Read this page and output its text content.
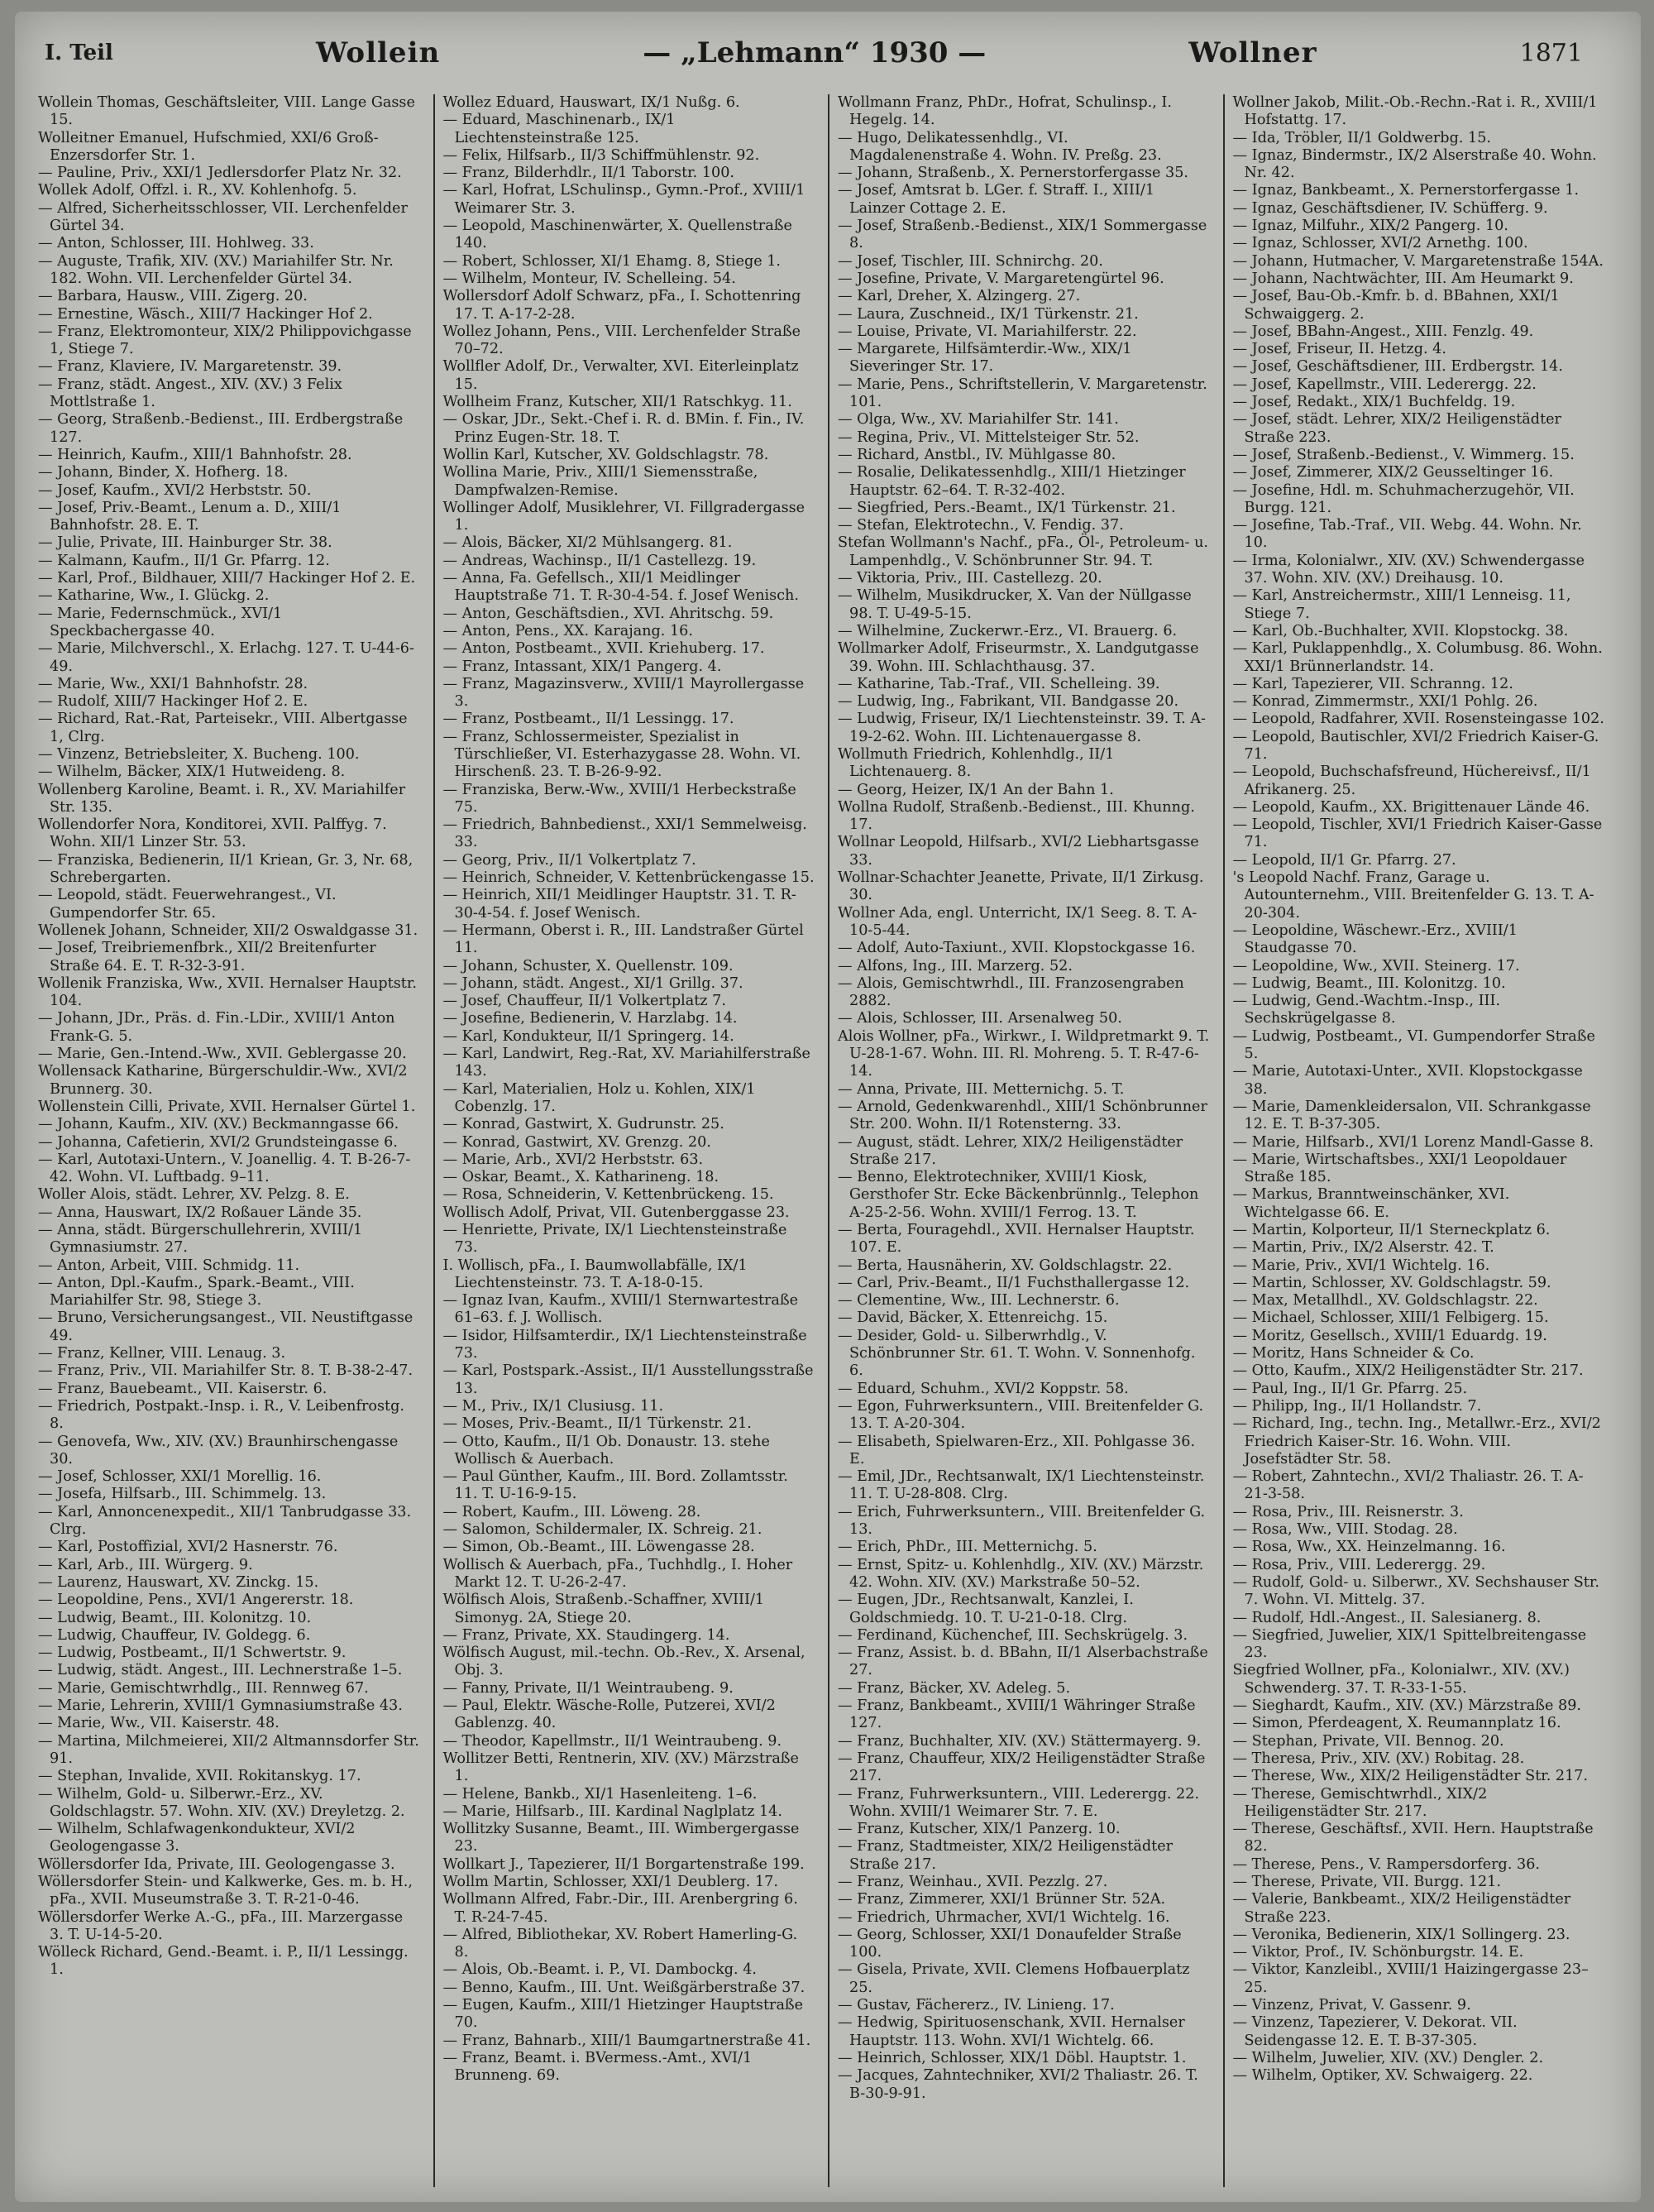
I. Teil	Wollein	— „Lehmann“ 1930 —	Wollner	1871

Wollein Thomas, Geschäftsleiter, VIII. Lange Gasse 15.

Wolleitner Emanuel, Hufschmied, XXI/6 Groß-Enzersdorfer Str. 1.

— Pauline, Priv., XXI/1 Jedlersdorfer Platz Nr. 32.

Wollek Adolf, Offzl. i. R., XV. Kohlenhofg. 5.

— Alfred, Sicherheitsschlosser, VII. Lerchenfelder Gürtel 34.

— Anton, Schlosser, III. Hohlweg. 33.

— Auguste, Trafik, XIV. (XV.) Mariahilfer Str. Nr. 182. Wohn. VII. Lerchenfelder Gürtel 34.

— Barbara, Hausw., VIII. Zigerg. 20.

— Ernestine, Wäsch., XIII/7 Hackinger Hof 2.

— Franz, Elektromonteur, XIX/2 Philippovichgasse 1, Stiege 7.

— Franz, Klaviere, IV. Margaretenstr. 39.

— Franz, städt. Angest., XIV. (XV.) 3 Felix Mottlstraße 1.

— Georg, Straßenb.-Bedienst., III. Erdbergstraße 127.

— Heinrich, Kaufm., XIII/1 Bahnhofstr. 28.

— Johann, Binder, X. Hofherg. 18.

— Josef, Kaufm., XVI/2 Herbststr. 50.

— Josef, Priv.-Beamt., Lenum a. D., XIII/1 Bahnhofstr. 28. E. T.

— Julie, Private, III. Hainburger Str. 38.

— Kalmann, Kaufm., II/1 Gr. Pfarrg. 12.

— Karl, Prof., Bildhauer, XIII/7 Hackinger Hof 2. E.

— Katharine, Ww., I. Glückg. 2.

— Marie, Federnschmück., XVI/1 Speckbachergasse 40.

— Marie, Milchverschl., X. Erlachg. 127. T. U-44-6-49.

— Marie, Ww., XXI/1 Bahnhofstr. 28.

— Rudolf, XIII/7 Hackinger Hof 2. E.

— Richard, Rat.-Rat, Parteisekr., VIII. Albertgasse 1, Clrg.

— Vinzenz, Betriebsleiter, X. Bucheng. 100.

— Wilhelm, Bäcker, XIX/1 Hutweideng. 8.

Wollenberg Karoline, Beamt. i. R., XV. Mariahilfer Str. 135.

Wollendorfer Nora, Konditorei, XVII. Palffyg. 7. Wohn. XII/1 Linzer Str. 53.

— Franziska, Bedienerin, II/1 Kriean, Gr. 3, Nr. 68, Schrebergarten.

— Leopold, städt. Feuerwehrangest., VI. Gumpendorfer Str. 65.

Wollenek Johann, Schneider, XII/2 Oswaldgasse 31.

— Josef, Treibriemenfbrk., XII/2 Breitenfurter Straße 64. E. T. R-32-3-91.

Wollenik Franziska, Ww., XVII. Hernalser Hauptstr. 104.

— Johann, JDr., Präs. d. Fin.-LDir., XVIII/1 Anton Frank-G. 5.

— Marie, Gen.-Intend.-Ww., XVII. Geblergasse 20.

Wollensack Katharine, Bürgerschuldir.-Ww., XVI/2 Brunnerg. 30.

Wollenstein Cilli, Private, XVII. Hernalser Gürtel 1.

— Johann, Kaufm., XIV. (XV.) Beckmanngasse 66.

— Johanna, Cafetierin, XVI/2 Grundsteingasse 6.

— Karl, Autotaxi-Untern., V. Joanellig. 4. T. B-26-7-42. Wohn. VI. Luftbadg. 9–11.

Woller Alois, städt. Lehrer, XV. Pelzg. 8. E.

— Anna, Hauswart, IX/2 Roßauer Lände 35.

— Anna, städt. Bürgerschullehrerin, XVIII/1 Gymnasiumstr. 27.

— Anton, Arbeit, VIII. Schmidg. 11.

— Anton, Dpl.-Kaufm., Spark.-Beamt., VIII. Mariahilfer Str. 98, Stiege 3.

— Bruno, Versicherungsangest., VII. Neustiftgasse 49.

— Franz, Kellner, VIII. Lenaug. 3.

— Franz, Priv., VII. Mariahilfer Str. 8. T. B-38-2-47.

— Franz, Bauebeamt., VII. Kaiserstr. 6.

— Friedrich, Postpakt.-Insp. i. R., V. Leibenfrostg. 8.

— Genovefa, Ww., XIV. (XV.) Braunhirschengasse 30.

— Josef, Schlosser, XXI/1 Morellig. 16.

— Josefa, Hilfsarb., III. Schimmelg. 13.

— Karl, Annoncenexpedit., XII/1 Tanbrudgasse 33. Clrg.

— Karl, Postoffizial, XVI/2 Hasnerstr. 76.

— Karl, Arb., III. Würgerg. 9.

— Laurenz, Hauswart, XV. Zinckg. 15.

— Leopoldine, Pens., XVI/1 Angererstr. 18.

— Ludwig, Beamt., III. Kolonitzg. 10.

— Ludwig, Chauffeur, IV. Goldegg. 6.

— Ludwig, Postbeamt., II/1 Schwertstr. 9.

— Ludwig, städt. Angest., III. Lechnerstraße 1–5.

— Marie, Gemischtwrhdlg., III. Rennweg 67.

— Marie, Lehrerin, XVIII/1 Gymnasiumstraße 43.

— Marie, Ww., VII. Kaiserstr. 48.

— Martina, Milchmeierei, XII/2 Altmannsdorfer Str. 91.

— Stephan, Invalide, XVII. Rokitanskyg. 17.

— Wilhelm, Gold- u. Silberwr.-Erz., XV. Goldschlagstr. 57. Wohn. XIV. (XV.) Dreyletzg. 2.

— Wilhelm, Schlafwagenkondukteur, XVI/2 Geologengasse 3.

Wöllersdorfer Ida, Private, III. Geologengasse 3.

Wöllersdorfer Stein- und Kalkwerke, Ges. m. b. H., pFa., XVII. Museumstraße 3. T. R-21-0-46.

Wöllersdorfer Werke A.-G., pFa., III. Marzergasse 3. T. U-14-5-20.

Wölleck Richard, Gend.-Beamt. i. P., II/1 Lessingg. 1.

Wollez Eduard, Hauswart, IX/1 Nußg. 6.

— Eduard, Maschinenarb., IX/1 Liechtensteinstraße 125.

— Felix, Hilfsarb., II/3 Schiffmühlenstr. 92.

— Franz, Bilderhdlr., II/1 Taborstr. 100.

— Karl, Hofrat, LSchulinsp., Gymn.-Prof., XVIII/1 Weimarer Str. 3.

— Leopold, Maschinenwärter, X. Quellenstraße 140.

— Robert, Schlosser, XI/1 Ehamg. 8, Stiege 1.

— Wilhelm, Monteur, IV. Schelleing. 54.

Wollersdorf Adolf Schwarz, pFa., I. Schottenring 17. T. A-17-2-28.

Wollez Johann, Pens., VIII. Lerchenfelder Straße 70–72.

Wollfler Adolf, Dr., Verwalter, XVI. Eiterleinplatz 15.

Wollheim Franz, Kutscher, XII/1 Ratschkyg. 11.

— Oskar, JDr., Sekt.-Chef i. R. d. BMin. f. Fin., IV. Prinz Eugen-Str. 18. T.

Wollin Karl, Kutscher, XV. Goldschlagstr. 78.

Wollina Marie, Priv., XIII/1 Siemensstraße, Dampfwalzen-Remise.

Wollinger Adolf, Musiklehrer, VI. Fillgradergasse 1.

— Alois, Bäcker, XI/2 Mühlsangerg. 81.

— Andreas, Wachinsp., II/1 Castellezg. 19.

— Anna, Fa. Gefellsch., XII/1 Meidlinger Hauptstraße 71. T. R-30-4-54. f. Josef Wenisch.

— Anton, Geschäftsdien., XVI. Ahritschg. 59.

— Anton, Pens., XX. Karajang. 16.

— Anton, Postbeamt., XVII. Kriehuberg. 17.

— Franz, Intassant, XIX/1 Pangerg. 4.

— Franz, Magazinsverw., XVIII/1 Mayrollergasse 3.

— Franz, Postbeamt., II/1 Lessingg. 17.

— Franz, Schlossermeister, Spezialist in Türschließer, VI. Esterhazygasse 28. Wohn. VI. Hirschenß. 23. T. B-26-9-92.

— Franziska, Berw.-Ww., XVIII/1 Herbeckstraße 75.

— Friedrich, Bahnbedienst., XXI/1 Semmelweisg. 33.

— Georg, Priv., II/1 Volkertplatz 7.

— Heinrich, Schneider, V. Kettenbrückengasse 15.

— Heinrich, XII/1 Meidlinger Hauptstr. 31. T. R-30-4-54. f. Josef Wenisch.

— Hermann, Oberst i. R., III. Landstraßer Gürtel 11.

— Johann, Schuster, X. Quellenstr. 109.

— Johann, städt. Angest., XI/1 Grillg. 37.

— Josef, Chauffeur, II/1 Volkertplatz 7.

— Josefine, Bedienerin, V. Harzlabg. 14.

— Karl, Kondukteur, II/1 Springerg. 14.

— Karl, Landwirt, Reg.-Rat, XV. Mariahilferstraße 143.

— Karl, Materialien, Holz u. Kohlen, XIX/1 Cobenzlg. 17.

— Konrad, Gastwirt, X. Gudrunstr. 25.

— Konrad, Gastwirt, XV. Grenzg. 20.

— Marie, Arb., XVI/2 Herbststr. 63.

— Oskar, Beamt., X. Katharineng. 18.

— Rosa, Schneiderin, V. Kettenbrückeng. 15.

Wollisch Adolf, Privat, VII. Gutenberggasse 23.

— Henriette, Private, IX/1 Liechtensteinstraße 73.

I. Wollisch, pFa., I. Baumwollabfälle, IX/1 Liechtensteinstr. 73. T. A-18-0-15.

— Ignaz Ivan, Kaufm., XVIII/1 Sternwartestraße 61–63. f. J. Wollisch.

— Isidor, Hilfsamterdir., IX/1 Liechtensteinstraße 73.

— Karl, Postspark.-Assist., II/1 Ausstellungsstraße 13.

— M., Priv., IX/1 Clusiusg. 11.

— Moses, Priv.-Beamt., II/1 Türkenstr. 21.

— Otto, Kaufm., II/1 Ob. Donaustr. 13. stehe Wollisch & Auerbach.

— Paul Günther, Kaufm., III. Bord. Zollamtsstr. 11. T. U-16-9-15.

— Robert, Kaufm., III. Löweng. 28.

— Salomon, Schildermaler, IX. Schreig. 21.

— Simon, Ob.-Beamt., III. Löwengasse 28.

Wollisch & Auerbach, pFa., Tuchhdlg., I. Hoher Markt 12. T. U-26-2-47.

Wölfisch Alois, Straßenb.-Schaffner, XVIII/1 Simonyg. 2A, Stiege 20.

— Franz, Private, XX. Staudingerg. 14.

Wölfisch August, mil.-techn. Ob.-Rev., X. Arsenal, Obj. 3.

— Fanny, Private, II/1 Weintraubeng. 9.

— Paul, Elektr. Wäsche-Rolle, Putzerei, XVI/2 Gablenzg. 40.

— Theodor, Kapellmstr., II/1 Weintraubeng. 9.

Wollitzer Betti, Rentnerin, XIV. (XV.) Märzstraße 1.

— Helene, Bankb., XI/1 Hasenleiteng. 1–6.

— Marie, Hilfsarb., III. Kardinal Naglplatz 14.

Wollitzky Susanne, Beamt., III. Wimbergergasse 23.

Wollkart J., Tapezierer, II/1 Borgartenstraße 199.

Wollm Martin, Schlosser, XXI/1 Deublerg. 17.

Wollmann Alfred, Fabr.-Dir., III. Arenbergring 6. T. R-24-7-45.

— Alfred, Bibliothekar, XV. Robert Hamerling-G. 8.

— Alois, Ob.-Beamt. i. P., VI. Dambockg. 4.

— Benno, Kaufm., III. Unt. Weißgärberstraße 37.

— Eugen, Kaufm., XIII/1 Hietzinger Hauptstraße 70.

— Franz, Bahnarb., XIII/1 Baumgartnerstraße 41.

— Franz, Beamt. i. BVermess.-Amt., XVI/1 Brunneng. 69.

Wollmann Franz, PhDr., Hofrat, Schulinsp., I. Hegelg. 14.

— Hugo, Delikatessenhdlg., VI. Magdalenenstraße 4. Wohn. IV. Preßg. 23.

— Johann, Straßenb., X. Pernerstorfergasse 35.

— Josef, Amtsrat b. LGer. f. Straff. I., XIII/1 Lainzer Cottage 2. E.

— Josef, Straßenb.-Bedienst., XIX/1 Sommergasse 8.

— Josef, Tischler, III. Schnirchg. 20.

— Josefine, Private, V. Margaretengürtel 96.

— Karl, Dreher, X. Alzingerg. 27.

— Laura, Zuschneid., IX/1 Türkenstr. 21.

— Louise, Private, VI. Mariahilferstr. 22.

— Margarete, Hilfsämterdir.-Ww., XIX/1 Sieveringer Str. 17.

— Marie, Pens., Schriftstellerin, V. Margaretenstr. 101.

— Olga, Ww., XV. Mariahilfer Str. 141.

— Regina, Priv., VI. Mittelsteiger Str. 52.

— Richard, Anstbl., IV. Mühlgasse 80.

— Rosalie, Delikatessenhdlg., XIII/1 Hietzinger Hauptstr. 62–64. T. R-32-402.

— Siegfried, Pers.-Beamt., IX/1 Türkenstr. 21.

— Stefan, Elektrotechn., V. Fendig. 37.

Stefan Wollmann's Nachf., pFa., Öl-, Petroleum- u. Lampenhdlg., V. Schönbrunner Str. 94. T.

— Viktoria, Priv., III. Castellezg. 20.

— Wilhelm, Musikdrucker, X. Van der Nüllgasse 98. T. U-49-5-15.

— Wilhelmine, Zuckerwr.-Erz., VI. Brauerg. 6.

Wollmarker Adolf, Friseurmstr., X. Landgutgasse 39. Wohn. III. Schlachthausg. 37.

— Katharine, Tab.-Traf., VII. Schelleing. 39.

— Ludwig, Ing., Fabrikant, VII. Bandgasse 20.

— Ludwig, Friseur, IX/1 Liechtensteinstr. 39. T. A-19-2-62. Wohn. III. Lichtenauergasse 8.

Wollmuth Friedrich, Kohlenhdlg., II/1 Lichtenauerg. 8.

— Georg, Heizer, IX/1 An der Bahn 1.

Wollna Rudolf, Straßenb.-Bedienst., III. Khunng. 17.

Wollnar Leopold, Hilfsarb., XVI/2 Liebhartsgasse 33.

Wollnar-Schachter Jeanette, Private, II/1 Zirkusg. 30.

Wollner Ada, engl. Unterricht, IX/1 Seeg. 8. T. A-10-5-44.

— Adolf, Auto-Taxiunt., XVII. Klopstockgasse 16.

— Alfons, Ing., III. Marzerg. 52.

— Alois, Gemischtwrhdl., III. Franzosengraben 2882.

— Alois, Schlosser, III. Arsenalweg 50.

Alois Wollner, pFa., Wirkwr., I. Wildpretmarkt 9. T. U-28-1-67. Wohn. III. Rl. Mohreng. 5. T. R-47-6-14.

— Anna, Private, III. Metternichg. 5. T.

— Arnold, Gedenkwarenhdl., XIII/1 Schönbrunner Str. 200. Wohn. II/1 Rotensterng. 33.

— August, städt. Lehrer, XIX/2 Heiligenstädter Straße 217.

— Benno, Elektrotechniker, XVIII/1 Kiosk, Gersthofer Str. Ecke Bäckenbrünnlg., Telephon A-25-2-56. Wohn. XVIII/1 Ferrog. 13. T.

— Berta, Fouragehdl., XVII. Hernalser Hauptstr. 107. E.

— Berta, Hausnäherin, XV. Goldschlagstr. 22.

— Carl, Priv.-Beamt., II/1 Fuchsthallergasse 12.

— Clementine, Ww., III. Lechnerstr. 6.

— David, Bäcker, X. Ettenreichg. 15.

— Desider, Gold- u. Silberwrhdlg., V. Schönbrunner Str. 61. T. Wohn. V. Sonnenhofg. 6.

— Eduard, Schuhm., XVI/2 Koppstr. 58.

— Egon, Fuhrwerksuntern., VIII. Breitenfelder G. 13. T. A-20-304.

— Elisabeth, Spielwaren-Erz., XII. Pohlgasse 36. E.

— Emil, JDr., Rechtsanwalt, IX/1 Liechtensteinstr. 11. T. U-28-808. Clrg.

— Erich, Fuhrwerksuntern., VIII. Breitenfelder G. 13.

— Erich, PhDr., III. Metternichg. 5.

— Ernst, Spitz- u. Kohlenhdlg., XIV. (XV.) Märzstr. 42. Wohn. XIV. (XV.) Markstraße 50–52.

— Eugen, JDr., Rechtsanwalt, Kanzlei, I. Goldschmiedg. 10. T. U-21-0-18. Clrg.

— Ferdinand, Küchenchef, III. Sechskrügelg. 3.

— Franz, Assist. b. d. BBahn, II/1 Alserbachstraße 27.

— Franz, Bäcker, XV. Adeleg. 5.

— Franz, Bankbeamt., XVIII/1 Währinger Straße 127.

— Franz, Buchhalter, XIV. (XV.) Stättermayerg. 9.

— Franz, Chauffeur, XIX/2 Heiligenstädter Straße 217.

— Franz, Fuhrwerksuntern., VIII. Lederergg. 22. Wohn. XVIII/1 Weimarer Str. 7. E.

— Franz, Kutscher, XIX/1 Panzerg. 10.

— Franz, Stadtmeister, XIX/2 Heiligenstädter Straße 217.

— Franz, Weinhau., XVII. Pezzlg. 27.

— Franz, Zimmerer, XXI/1 Brünner Str. 52A.

— Friedrich, Uhrmacher, XVI/1 Wichtelg. 16.

— Georg, Schlosser, XXI/1 Donaufelder Straße 100.

— Gisela, Private, XVII. Clemens Hofbauerplatz 25.

— Gustav, Fächererz., IV. Linieng. 17.

— Hedwig, Spirituosenschank, XVII. Hernalser Hauptstr. 113. Wohn. XVI/1 Wichtelg. 66.

— Heinrich, Schlosser, XIX/1 Döbl. Hauptstr. 1.

— Jacques, Zahntechniker, XVI/2 Thaliastr. 26. T. B-30-9-91.

Wollner Jakob, Milit.-Ob.-Rechn.-Rat i. R., XVIII/1 Hofstattg. 17.

— Ida, Tröbler, II/1 Goldwerbg. 15.

— Ignaz, Bindermstr., IX/2 Alserstraße 40. Wohn. Nr. 42.

— Ignaz, Bankbeamt., X. Pernerstorfergasse 1.

— Ignaz, Geschäftsdiener, IV. Schüfferg. 9.

— Ignaz, Milfuhr., XIX/2 Pangerg. 10.

— Ignaz, Schlosser, XVI/2 Arnethg. 100.

— Johann, Hutmacher, V. Margaretenstraße 154A.

— Johann, Nachtwächter, III. Am Heumarkt 9.

— Josef, Bau-Ob.-Kmfr. b. d. BBahnen, XXI/1 Schwaiggerg. 2.

— Josef, BBahn-Angest., XIII. Fenzlg. 49.

— Josef, Friseur, II. Hetzg. 4.

— Josef, Geschäftsdiener, III. Erdbergstr. 14.

— Josef, Kapellmstr., VIII. Lederergg. 22.

— Josef, Redakt., XIX/1 Buchfeldg. 19.

— Josef, städt. Lehrer, XIX/2 Heiligenstädter Straße 223.

— Josef, Straßenb.-Bedienst., V. Wimmerg. 15.

— Josef, Zimmerer, XIX/2 Geusseltinger 16.

— Josefine, Hdl. m. Schuhmacherzugehör, VII. Burgg. 121.

— Josefine, Tab.-Traf., VII. Webg. 44. Wohn. Nr. 10.

— Irma, Kolonialwr., XIV. (XV.) Schwendergasse 37. Wohn. XIV. (XV.) Dreihausg. 10.

— Karl, Anstreichermstr., XIII/1 Lenneisg. 11, Stiege 7.

— Karl, Ob.-Buchhalter, XVII. Klopstockg. 38.

— Karl, Puklappenhdlg., X. Columbusg. 86. Wohn. XXI/1 Brünnerlandstr. 14.

— Karl, Tapezierer, VII. Schranng. 12.

— Konrad, Zimmermstr., XXI/1 Pohlg. 26.

— Leopold, Radfahrer, XVII. Rosensteingasse 102.

— Leopold, Bautischler, XVI/2 Friedrich Kaiser-G. 71.

— Leopold, Buchschafsfreund, Hüchereivsf., II/1 Afrikanerg. 25.

— Leopold, Kaufm., XX. Brigittenauer Lände 46.

— Leopold, Tischler, XVI/1 Friedrich Kaiser-Gasse 71.

— Leopold, II/1 Gr. Pfarrg. 27.

's Leopold Nachf. Franz, Garage u. Autounternehm., VIII. Breitenfelder G. 13. T. A-20-304.

— Leopoldine, Wäschewr.-Erz., XVIII/1 Staudgasse 70.

— Leopoldine, Ww., XVII. Steinerg. 17.

— Ludwig, Beamt., III. Kolonitzg. 10.

— Ludwig, Gend.-Wachtm.-Insp., III. Sechskrügelgasse 8.

— Ludwig, Postbeamt., VI. Gumpendorfer Straße 5.

— Marie, Autotaxi-Unter., XVII. Klopstockgasse 38.

— Marie, Damenkleidersalon, VII. Schrankgasse 12. E. T. B-37-305.

— Marie, Hilfsarb., XVI/1 Lorenz Mandl-Gasse 8.

— Marie, Wirtschaftsbes., XXI/1 Leopoldauer Straße 185.

— Markus, Branntweinschänker, XVI. Wichtelgasse 66. E.

— Martin, Kolporteur, II/1 Sterneckplatz 6.

— Martin, Priv., IX/2 Alserstr. 42. T.

— Marie, Priv., XVI/1 Wichtelg. 16.

— Martin, Schlosser, XV. Goldschlagstr. 59.

— Max, Metallhdl., XV. Goldschlagstr. 22.

— Michael, Schlosser, XIII/1 Felbigerg. 15.

— Moritz, Gesellsch., XVIII/1 Eduardg. 19.

— Moritz, Hans Schneider & Co.

— Otto, Kaufm., XIX/2 Heiligenstädter Str. 217.

— Paul, Ing., II/1 Gr. Pfarrg. 25.

— Philipp, Ing., II/1 Hollandstr. 7.

— Richard, Ing., techn. Ing., Metallwr.-Erz., XVI/2 Friedrich Kaiser-Str. 16. Wohn. VIII. Josefstädter Str. 58.

— Robert, Zahntechn., XVI/2 Thaliastr. 26. T. A-21-3-58.

— Rosa, Priv., III. Reisnerstr. 3.

— Rosa, Ww., VIII. Stodag. 28.

— Rosa, Ww., XX. Heinzelmanng. 16.

— Rosa, Priv., VIII. Lederergg. 29.

— Rudolf, Gold- u. Silberwr., XV. Sechshauser Str. 7. Wohn. VI. Mittelg. 37.

— Rudolf, Hdl.-Angest., II. Salesianerg. 8.

— Siegfried, Juwelier, XIX/1 Spittelbreitengasse 23.

Siegfried Wollner, pFa., Kolonialwr., XIV. (XV.) Schwenderg. 37. T. R-33-1-55.

— Sieghardt, Kaufm., XIV. (XV.) Märzstraße 89.

— Simon, Pferdeagent, X. Reumannplatz 16.

— Stephan, Private, VII. Bennog. 20.

— Theresa, Priv., XIV. (XV.) Robitag. 28.

— Therese, Ww., XIX/2 Heiligenstädter Str. 217.

— Therese, Gemischtwrhdl., XIX/2 Heiligenstädter Str. 217.

— Therese, Geschäftsf., XVII. Hern. Hauptstraße 82.

— Therese, Pens., V. Rampersdorferg. 36.

— Therese, Private, VII. Burgg. 121.

— Valerie, Bankbeamt., XIX/2 Heiligenstädter Straße 223.

— Veronika, Bedienerin, XIX/1 Sollingerg. 23.

— Viktor, Prof., IV. Schönburgstr. 14. E.

— Viktor, Kanzleibl., XVIII/1 Haizingergasse 23–25.

— Vinzenz, Privat, V. Gassenr. 9.

— Vinzenz, Tapezierer, V. Dekorat. VII. Seidengasse 12. E. T. B-37-305.

— Wilhelm, Juwelier, XIV. (XV.) Dengler. 2.

— Wilhelm, Optiker, XV. Schwaigerg. 22.
